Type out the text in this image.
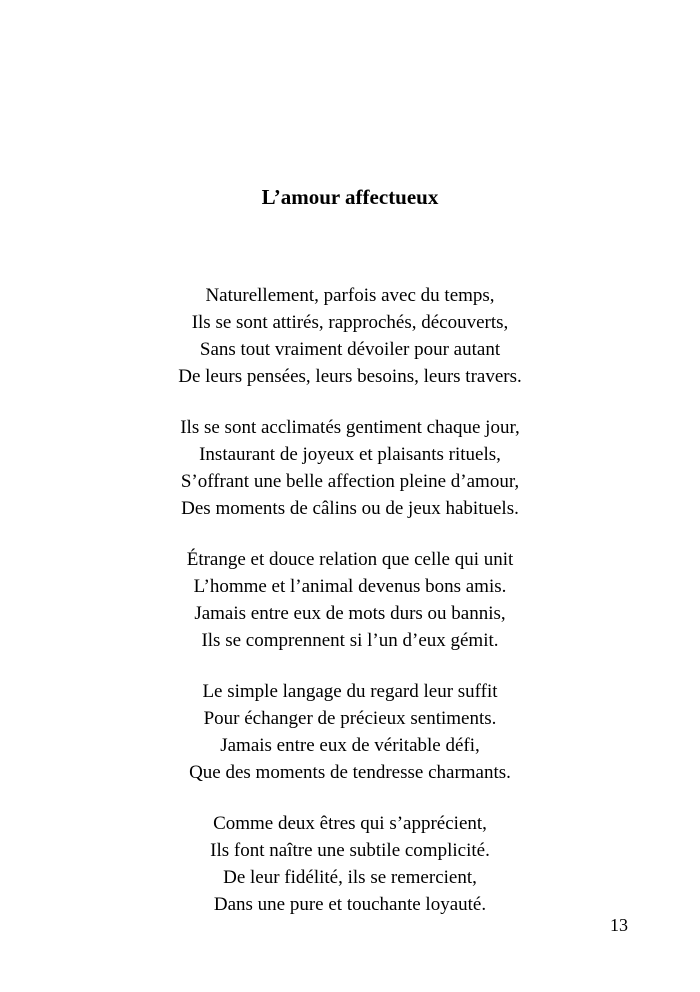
L’amour affectueux
Naturellement, parfois avec du temps,
Ils se sont attirés, rapprochés, découverts,
Sans tout vraiment dévoiler pour autant
De leurs pensées, leurs besoins, leurs travers.
Ils se sont acclimatés gentiment chaque jour,
Instaurant de joyeux et plaisants rituels,
S’offrant une belle affection pleine d’amour,
Des moments de câlins ou de jeux habituels.
Étrange et douce relation que celle qui unit
L’homme et l’animal devenus bons amis.
Jamais entre eux de mots durs ou bannis,
Ils se comprennent si l’un d’eux gémit.
Le simple langage du regard leur suffit
Pour échanger de précieux sentiments.
Jamais entre eux de véritable défi,
Que des moments de tendresse charmants.
Comme deux êtres qui s’apprécient,
Ils font naître une subtile complicité.
De leur fidélité, ils se remercient,
Dans une pure et touchante loyauté.
13
